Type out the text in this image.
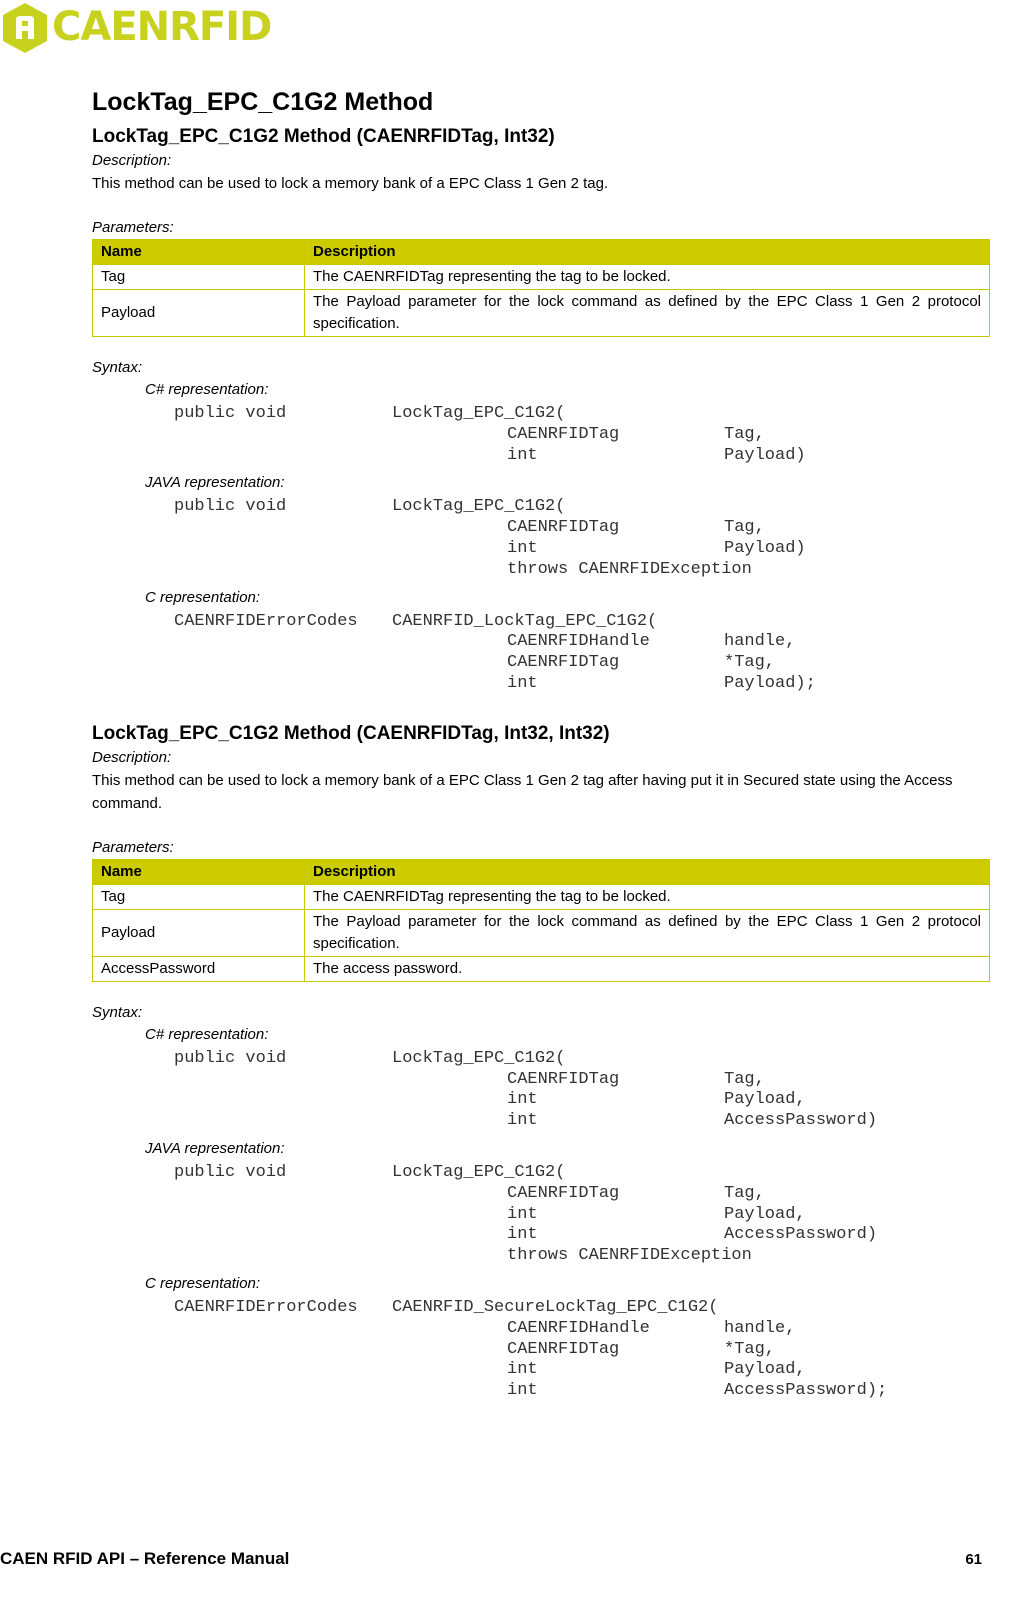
CAENRFID
LockTag_EPC_C1G2 Method
LockTag_EPC_C1G2 Method (CAENRFIDTag, Int32)
Description:
This method can be used to lock a memory bank of a EPC Class 1 Gen 2 tag.
Parameters:
Name	Description
Tag	The CAENRFIDTag representing the tag to be locked.
Payload	The Payload parameter for the lock command as defined by the EPC Class 1 Gen 2 protocol specification.
Syntax:
C# representation:
public void	LockTag_EPC_C1G2(
CAENRFIDTag	Tag,
int	Payload)
JAVA representation:
public void	LockTag_EPC_C1G2(
CAENRFIDTag	Tag,
int	Payload)
throws CAENRFIDException
C representation:
CAENRFIDErrorCodes	CAENRFID_LockTag_EPC_C1G2(
CAENRFIDHandle	handle,
CAENRFIDTag	*Tag,
int	Payload);
LockTag_EPC_C1G2 Method (CAENRFIDTag, Int32, Int32)
Description:
This method can be used to lock a memory bank of a EPC Class 1 Gen 2 tag after having put it in Secured state using the Access command.
Parameters:
Name	Description
Tag	The CAENRFIDTag representing the tag to be locked.
Payload	The Payload parameter for the lock command as defined by the EPC Class 1 Gen 2 protocol specification.
AccessPassword	The access password.
Syntax:
C# representation:
public void	LockTag_EPC_C1G2(
CAENRFIDTag	Tag,
int	Payload,
int	AccessPassword)
JAVA representation:
public void	LockTag_EPC_C1G2(
CAENRFIDTag	Tag,
int	Payload,
int	AccessPassword)
throws CAENRFIDException
C representation:
CAENRFIDErrorCodes	CAENRFID_SecureLockTag_EPC_C1G2(
CAENRFIDHandle	handle,
CAENRFIDTag	*Tag,
int	Payload,
int	AccessPassword);
CAEN RFID API – Reference Manual	61
